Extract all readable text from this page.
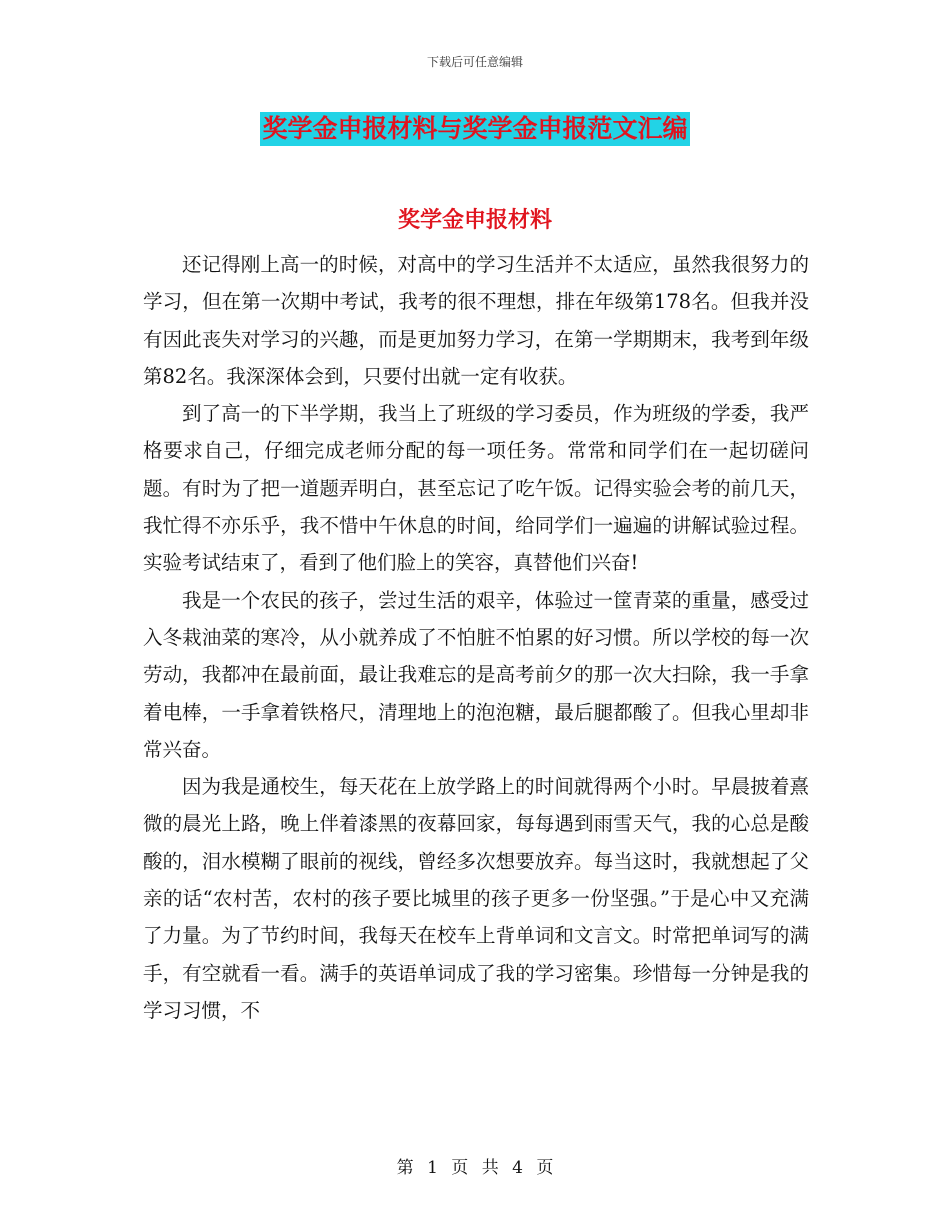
下载后可任意编辑
奖学金申报材料与奖学金申报范文汇编
奖学金申报材料

还记得刚上高一的时候，对高中的学习生活并不太适应，虽然我很努力的学习，但在第一次期中考试，我考的很不理想，排在年级第178名。但我并没有因此丧失对学习的兴趣，而是更加努力学习，在第一学期期末，我考到年级第82名。我深深体会到，只要付出就一定有收获。

到了高一的下半学期，我当上了班级的学习委员，作为班级的学委，我严格要求自己，仔细完成老师分配的每一项任务。常常和同学们在一起切磋问题。有时为了把一道题弄明白，甚至忘记了吃午饭。记得实验会考的前几天，我忙得不亦乐乎，我不惜中午休息的时间，给同学们一遍遍的讲解试验过程。实验考试结束了，看到了他们脸上的笑容，真替他们兴奋!

我是一个农民的孩子，尝过生活的艰辛，体验过一筐青菜的重量，感受过入冬栽油菜的寒冷，从小就养成了不怕脏不怕累的好习惯。所以学校的每一次劳动，我都冲在最前面，最让我难忘的是高考前夕的那一次大扫除，我一手拿着电棒，一手拿着铁格尺，清理地上的泡泡糖，最后腿都酸了。但我心里却非常兴奋。

因为我是通校生，每天花在上放学路上的时间就得两个小时。早晨披着熹微的晨光上路，晚上伴着漆黑的夜幕回家，每每遇到雨雪天气，我的心总是酸酸的，泪水模糊了眼前的视线，曾经多次想要放弃。每当这时，我就想起了父亲的话“农村苦，农村的孩子要比城里的孩子更多一份坚强。”于是心中又充满了力量。为了节约时间，我每天在校车上背单词和文言文。时常把单词写的满手，有空就看一看。满手的英语单词成了我的学习密集。珍惜每一分钟是我的学习习惯，不

第 1 页 共 4 页
